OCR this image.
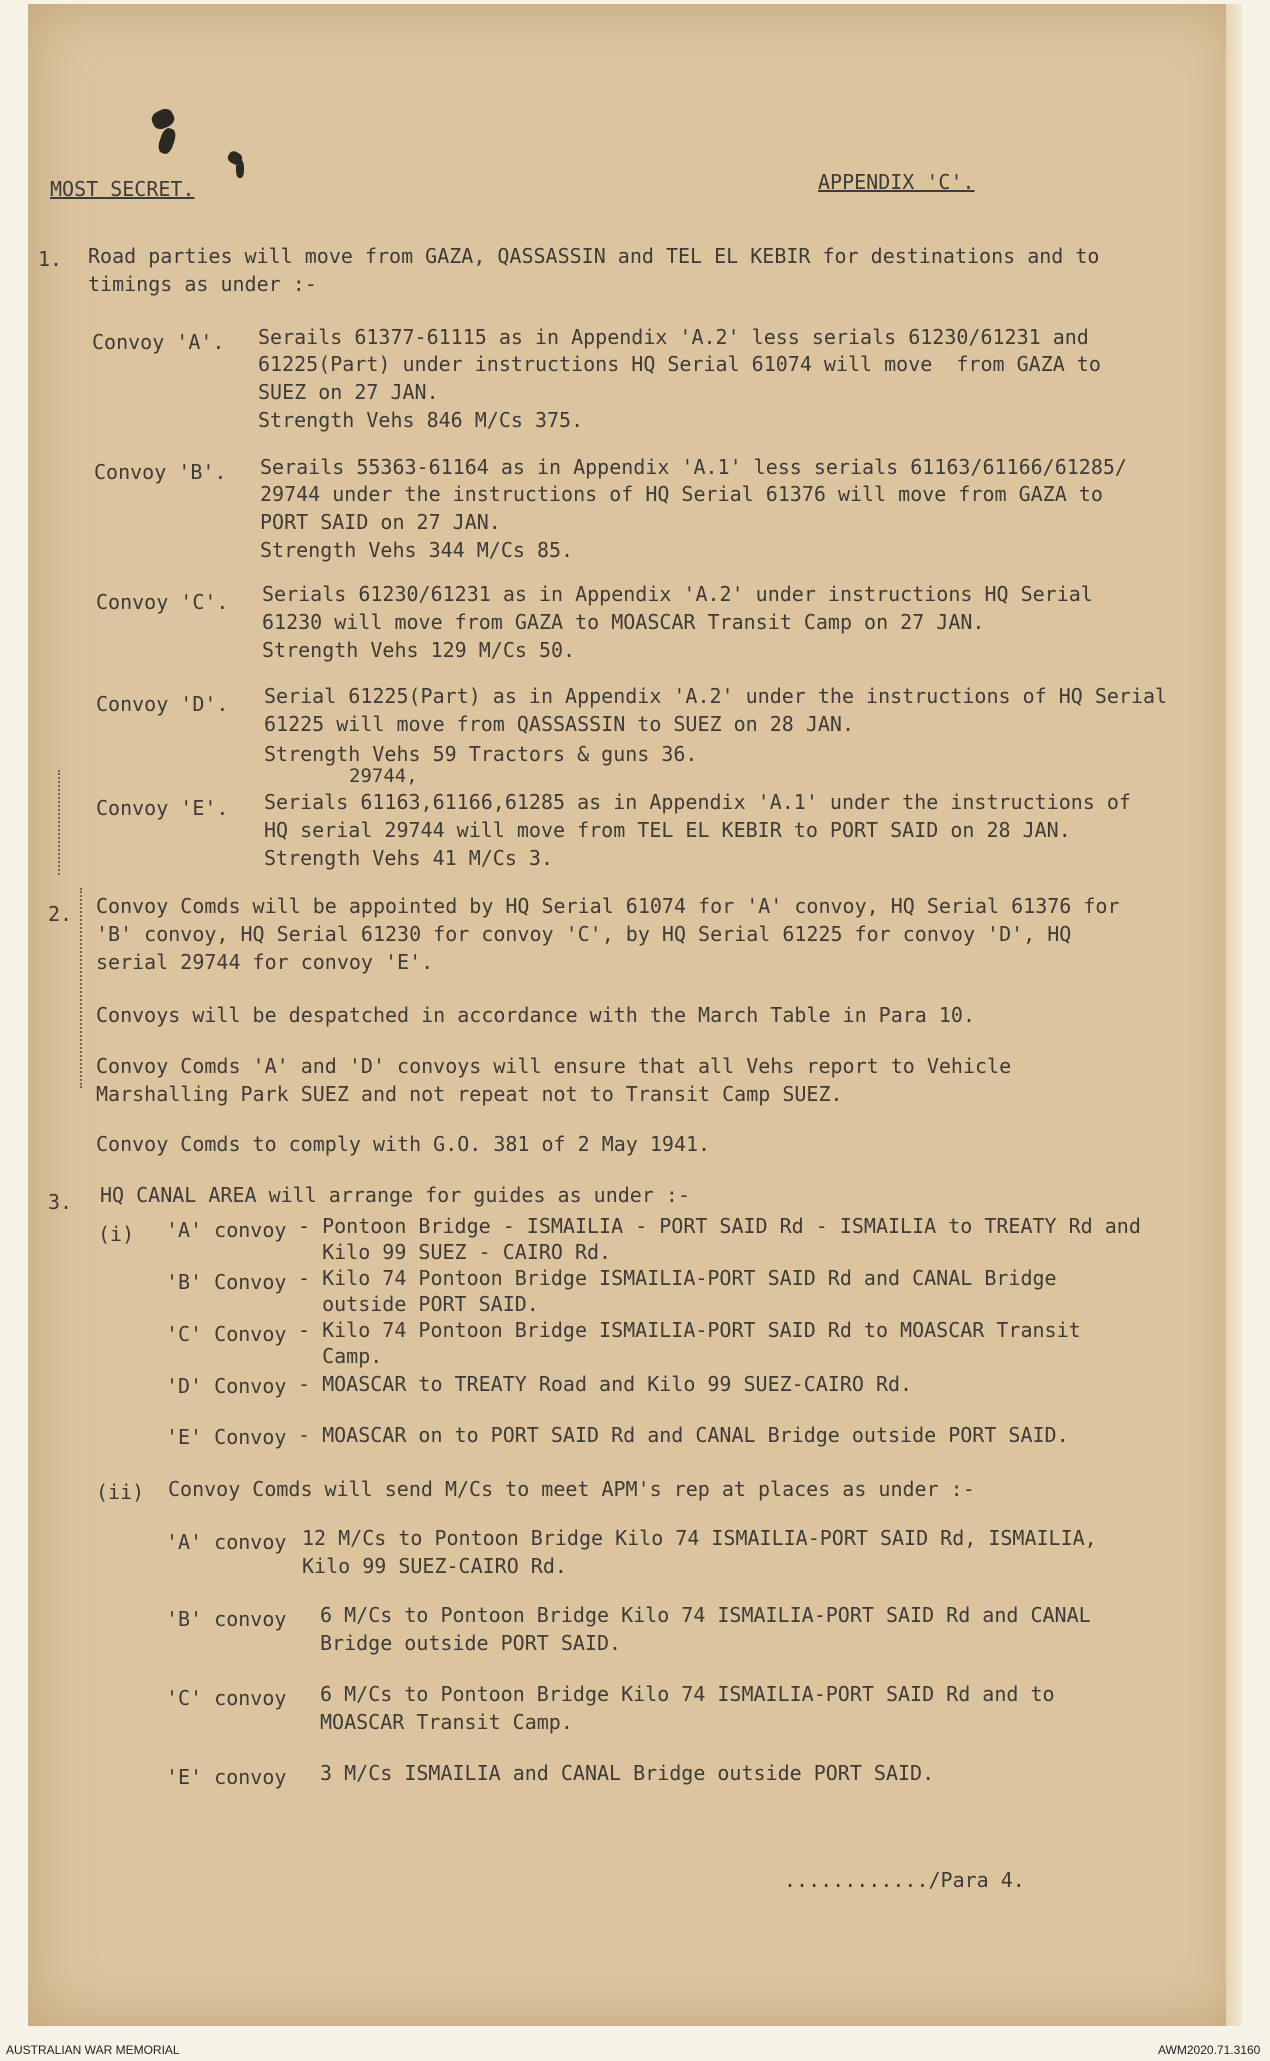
MOST SECRET.	APPENDIX 'C'.

1. Road parties will move from GAZA, QASSASSIN and TEL EL KEBIR for destinations and to

timings as under :-

Convoy 'A'. Serails 61377-61115 as in Appendix 'A.2' less serials 61230/61231 and

61225(Part) under instructions HQ Serial 61074 will move  from GAZA to

SUEZ on 27 JAN.

Strength Vehs 846 M/Cs 375.

Convoy 'B'. Serails 55363-61164 as in Appendix 'A.1' less serials 61163/61166/61285/

29744 under the instructions of HQ Serial 61376 will move from GAZA to

PORT SAID on 27 JAN.

Strength Vehs 344 M/Cs 85.

Convoy 'C'. Serials 61230/61231 as in Appendix 'A.2' under instructions HQ Serial

61230 will move from GAZA to MOASCAR Transit Camp on 27 JAN.

Strength Vehs 129 M/Cs 50.

Convoy 'D'. Serial 61225(Part) as in Appendix 'A.2' under the instructions of HQ Serial

61225 will move from QASSASSIN to SUEZ on 28 JAN.

Strength Vehs 59 Tractors & guns 36.

29744,

Convoy 'E'. Serials 61163,61166,61285 as in Appendix 'A.1' under the instructions of

HQ serial 29744 will move from TEL EL KEBIR to PORT SAID on 28 JAN.

Strength Vehs 41 M/Cs 3.

2. Convoy Comds will be appointed by HQ Serial 61074 for 'A' convoy, HQ Serial 61376 for

'B' convoy, HQ Serial 61230 for convoy 'C', by HQ Serial 61225 for convoy 'D', HQ

serial 29744 for convoy 'E'.

Convoys will be despatched in accordance with the March Table in Para 10.

Convoy Comds 'A' and 'D' convoys will ensure that all Vehs report to Vehicle

Marshalling Park SUEZ and not repeat not to Transit Camp SUEZ.

Convoy Comds to comply with G.O. 381 of 2 May 1941.

3. HQ CANAL AREA will arrange for guides as under :-

(i) 'A' convoy - Pontoon Bridge - ISMAILIA - PORT SAID Rd - ISMAILIA to TREATY Rd and

Kilo 99 SUEZ - CAIRO Rd.

'B' Convoy - Kilo 74 Pontoon Bridge ISMAILIA-PORT SAID Rd and CANAL Bridge

outside PORT SAID.

'C' Convoy - Kilo 74 Pontoon Bridge ISMAILIA-PORT SAID Rd to MOASCAR Transit

Camp.

'D' Convoy - MOASCAR to TREATY Road and Kilo 99 SUEZ-CAIRO Rd.

'E' Convoy - MOASCAR on to PORT SAID Rd and CANAL Bridge outside PORT SAID.

(ii) Convoy Comds will send M/Cs to meet APM's rep at places as under :-

'A' convoy 12 M/Cs to Pontoon Bridge Kilo 74 ISMAILIA-PORT SAID Rd, ISMAILIA,

Kilo 99 SUEZ-CAIRO Rd.

'B' convoy 6 M/Cs to Pontoon Bridge Kilo 74 ISMAILIA-PORT SAID Rd and CANAL

Bridge outside PORT SAID.

'C' convoy 6 M/Cs to Pontoon Bridge Kilo 74 ISMAILIA-PORT SAID Rd and to

MOASCAR Transit Camp.

'E' convoy 3 M/Cs ISMAILIA and CANAL Bridge outside PORT SAID.

............/Para 4.

AUSTRALIAN WAR MEMORIAL	AWM2020.71.3160
